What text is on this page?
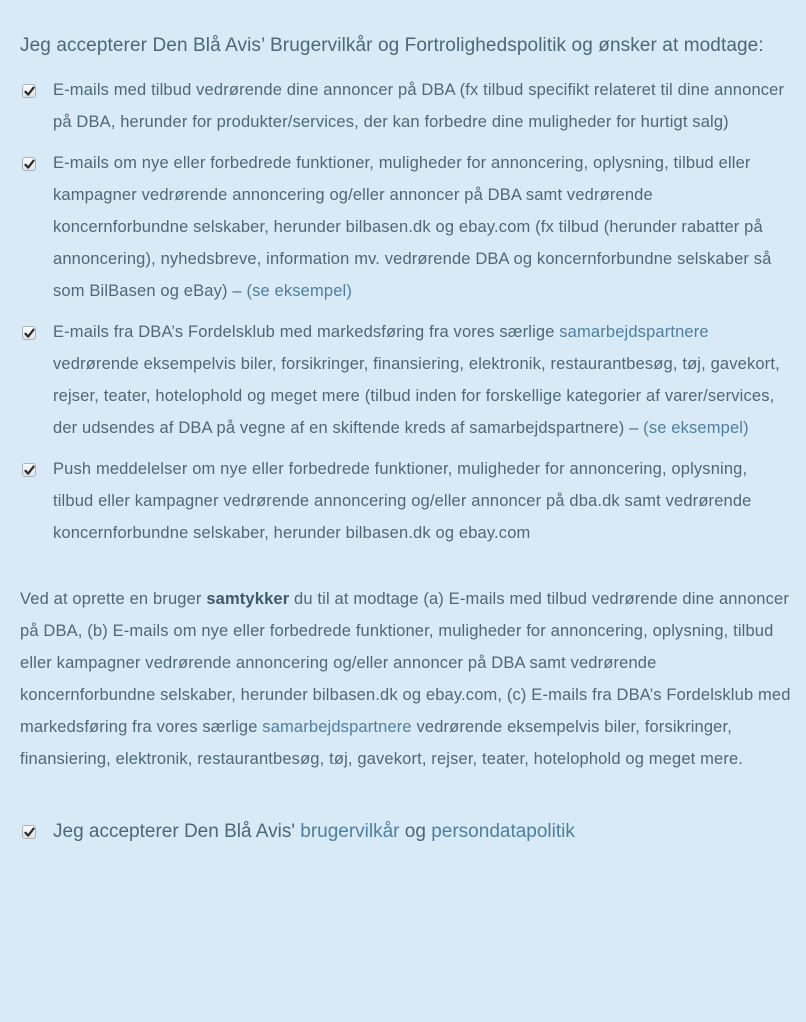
Jeg accepterer Den Blå Avis’ Brugervilkår og Fortrolighedspolitik og ønsker at modtage:
E-mails med tilbud vedrørende dine annoncer på DBA (fx tilbud specifikt relateret til dine annoncer på DBA, herunder for produkter/services, der kan forbedre dine muligheder for hurtigt salg)
E-mails om nye eller forbedrede funktioner, muligheder for annoncering, oplysning, tilbud eller kampagner vedrørende annoncering og/eller annoncer på DBA samt vedrørende koncernforbundne selskaber, herunder bilbasen.dk og ebay.com (fx tilbud (herunder rabatter på annoncering), nyhedsbreve, information mv. vedrørende DBA og koncernforbundne selskaber så som BilBasen og eBay) – (se eksempel)
E-mails fra DBA’s Fordelsklub med markedsføring fra vores særlige samarbejdspartnere vedrørende eksempelvis biler, forsikringer, finansiering, elektronik, restaurantbesøg, tøj, gavekort, rejser, teater, hotelophold og meget mere (tilbud inden for forskellige kategorier af varer/services, der udsendes af DBA på vegne af en skiftende kreds af samarbejdspartnere) – (se eksempel)
Push meddelelser om nye eller forbedrede funktioner, muligheder for annoncering, oplysning, tilbud eller kampagner vedrørende annoncering og/eller annoncer på dba.dk samt vedrørende koncernforbundne selskaber, herunder bilbasen.dk og ebay.com
Ved at oprette en bruger samtykker du til at modtage (a) E-mails med tilbud vedrørende dine annoncer på DBA, (b) E-mails om nye eller forbedrede funktioner, muligheder for annoncering, oplysning, tilbud eller kampagner vedrørende annoncering og/eller annoncer på DBA samt vedrørende koncernforbundne selskaber, herunder bilbasen.dk og ebay.com, (c) E-mails fra DBA’s Fordelsklub med markedsføring fra vores særlige samarbejdspartnere vedrørende eksempelvis biler, forsikringer, finansiering, elektronik, restaurantbesøg, tøj, gavekort, rejser, teater, hotelophold og meget mere.
Jeg accepterer Den Blå Avis' brugervilkår og persondatapolitik
